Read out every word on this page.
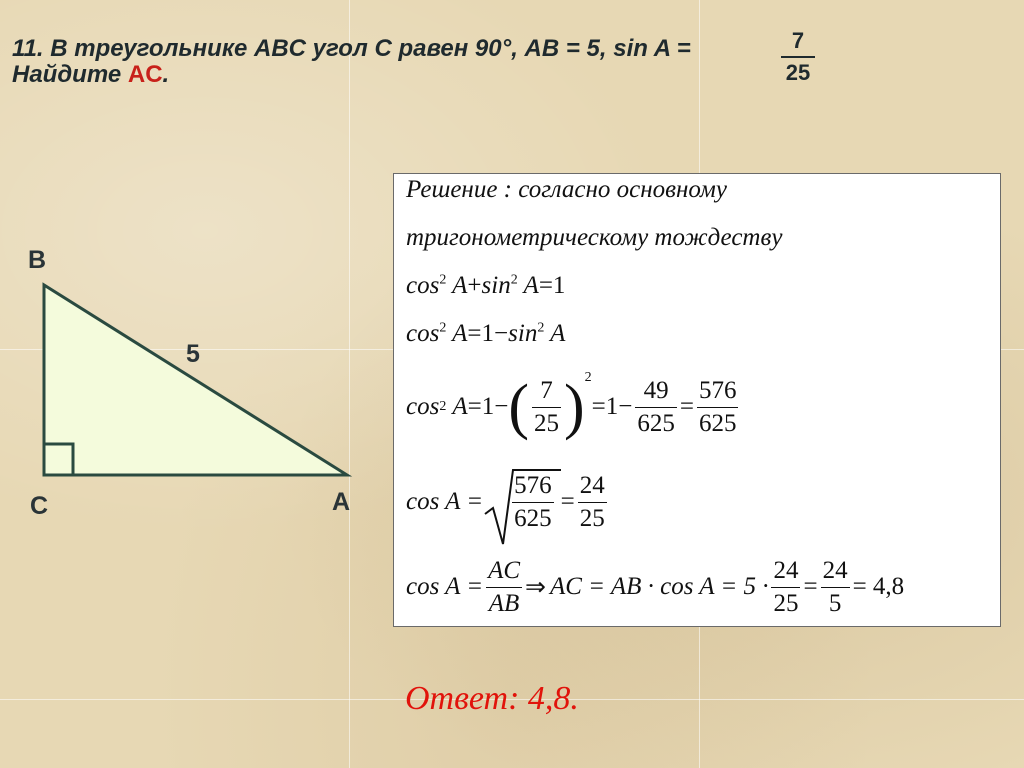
11. В треугольнике ABC угол C равен 90°, AB = 5, sin A =
Найдите AC.
7
25
B
C	A
5
Решение : согласно основному
тригонометрическому тождеству
$\cos^2 A+\sin^2$ A=1
$\cos^2 A=1-\sin^2$ A
cos 2 A = 1 − ( $\frac{7}{25}$ ) 2
= $1 - \frac{49}{625} = \frac{576}{625}$
$\cos A = \frac{576}{625} = \frac{24}{25}$
$\cos A = \frac{AC}{AB}$ ⇒ AC = AB · $\cos A = 5 \cdot \frac{24}{25} = \frac{24}{5} = 4,8$
Ответ: 4,8.
